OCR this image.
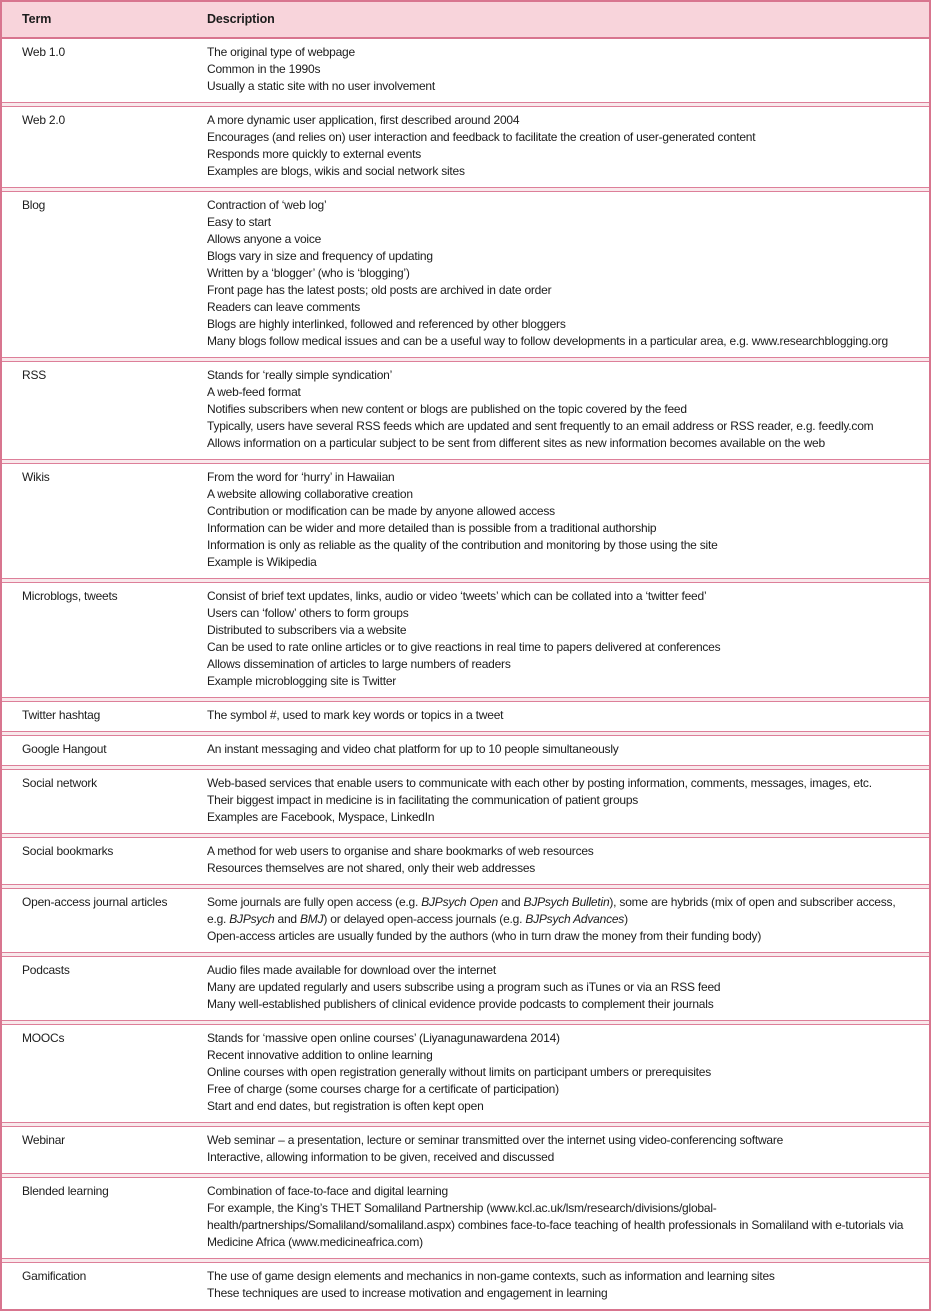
Term	Description
Web 1.0	The original type of webpage
Common in the 1990s
Usually a static site with no user involvement
Web 2.0	A more dynamic user application, first described around 2004
Encourages (and relies on) user interaction and feedback to facilitate the creation of user-generated content
Responds more quickly to external events
Examples are blogs, wikis and social network sites
Blog	Contraction of ‘web log’
Easy to start
Allows anyone a voice
Blogs vary in size and frequency of updating
Written by a ‘blogger’ (who is ‘blogging’)
Front page has the latest posts; old posts are archived in date order
Readers can leave comments
Blogs are highly interlinked, followed and referenced by other bloggers
Many blogs follow medical issues and can be a useful way to follow developments in a particular area, e.g. www.researchblogging.org
RSS	Stands for ‘really simple syndication’
A web-feed format
Notifies subscribers when new content or blogs are published on the topic covered by the feed
Typically, users have several RSS feeds which are updated and sent frequently to an email address or RSS reader, e.g. feedly.com
Allows information on a particular subject to be sent from different sites as new information becomes available on the web
Wikis	From the word for ‘hurry’ in Hawaiian
A website allowing collaborative creation
Contribution or modification can be made by anyone allowed access
Information can be wider and more detailed than is possible from a traditional authorship
Information is only as reliable as the quality of the contribution and monitoring by those using the site
Example is Wikipedia
Microblogs, tweets	Consist of brief text updates, links, audio or video ‘tweets’ which can be collated into a ‘twitter feed’
Users can ‘follow’ others to form groups
Distributed to subscribers via a website
Can be used to rate online articles or to give reactions in real time to papers delivered at conferences
Allows dissemination of articles to large numbers of readers
Example microblogging site is Twitter
Twitter hashtag	The symbol #, used to mark key words or topics in a tweet
Google Hangout	An instant messaging and video chat platform for up to 10 people simultaneously
Social network	Web-based services that enable users to communicate with each other by posting information, comments, messages, images, etc.
Their biggest impact in medicine is in facilitating the communication of patient groups
Examples are Facebook, Myspace, LinkedIn
Social bookmarks	A method for web users to organise and share bookmarks of web resources
Resources themselves are not shared, only their web addresses
Open-access journal articles	Some journals are fully open access (e.g. BJPsych Open and BJPsych Bulletin), some are hybrids (mix of open and subscriber access, e.g. BJPsych and BMJ) or delayed open-access journals (e.g. BJPsych Advances)
Open-access articles are usually funded by the authors (who in turn draw the money from their funding body)
Podcasts	Audio files made available for download over the internet
Many are updated regularly and users subscribe using a program such as iTunes or via an RSS feed
Many well-established publishers of clinical evidence provide podcasts to complement their journals
MOOCs	Stands for ‘massive open online courses’ (Liyanagunawardena 2014)
Recent innovative addition to online learning
Online courses with open registration generally without limits on participant umbers or prerequisites
Free of charge (some courses charge for a certificate of participation)
Start and end dates, but registration is often kept open
Webinar	Web seminar – a presentation, lecture or seminar transmitted over the internet using video-conferencing software
Interactive, allowing information to be given, received and discussed
Blended learning	Combination of face-to-face and digital learning
For example, the King’s THET Somaliland Partnership (www.kcl.ac.uk/lsm/research/divisions/global-health/partnerships/Somaliland/somaliland.aspx) combines face-to-face teaching of health professionals in Somaliland with e-tutorials via Medicine Africa (www.medicineafrica.com)
Gamification	The use of game design elements and mechanics in non-game contexts, such as information and learning sites
These techniques are used to increase motivation and engagement in learning
